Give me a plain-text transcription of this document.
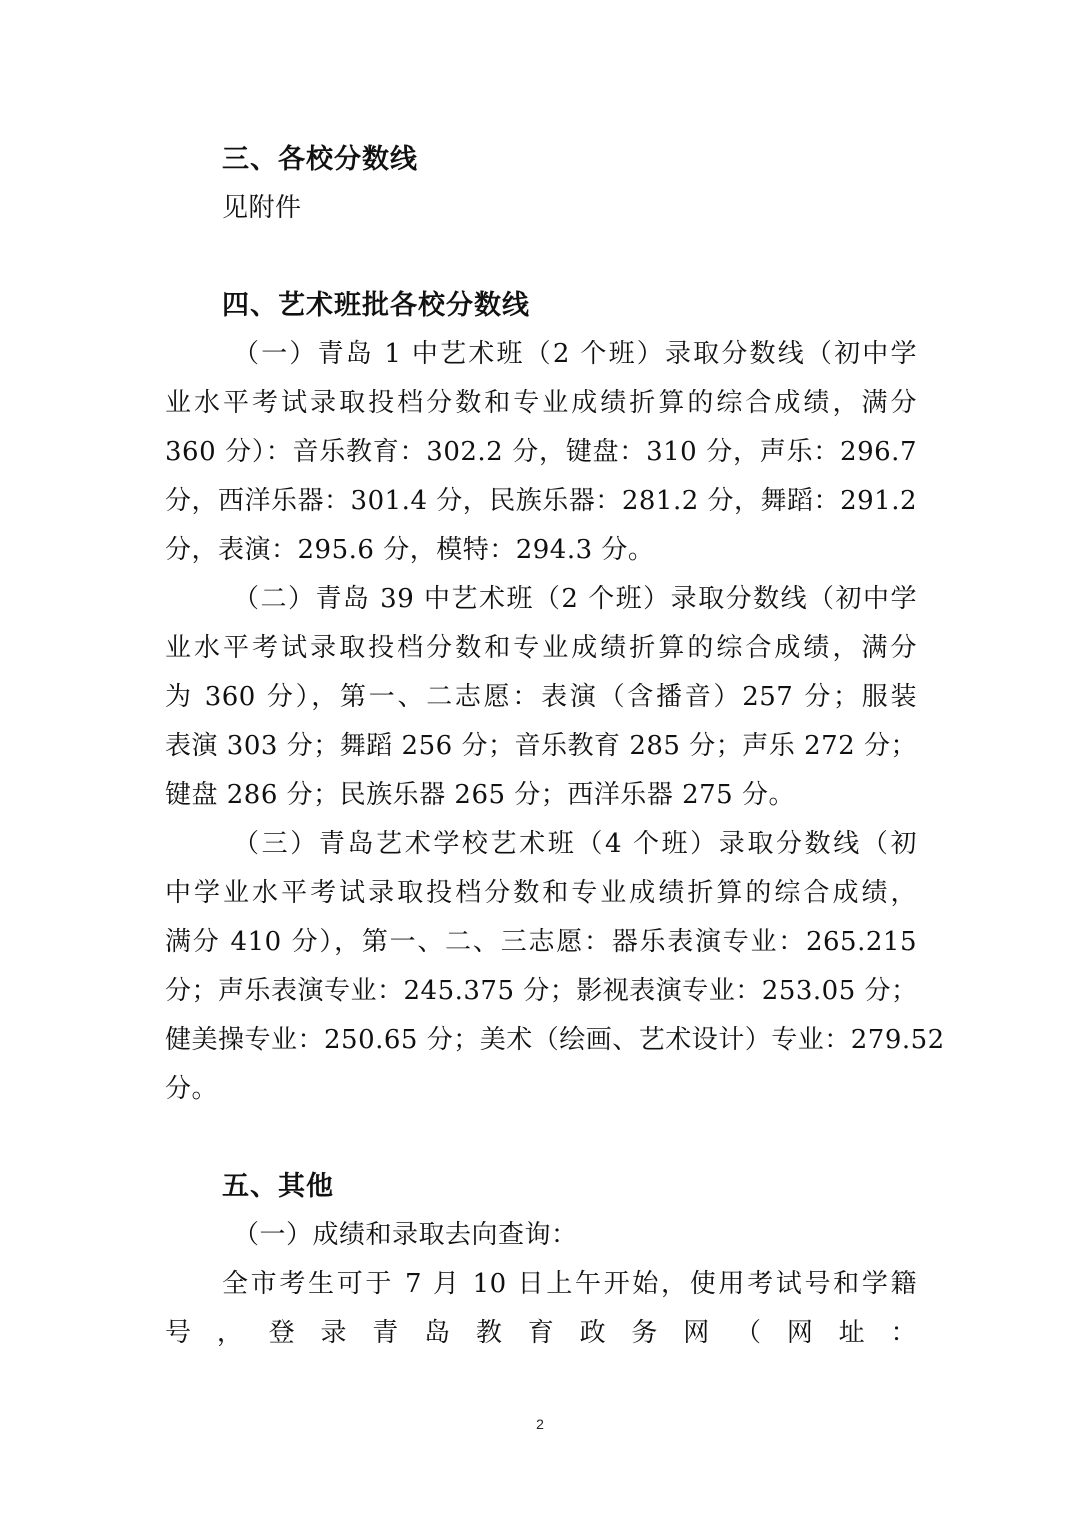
三、各校分数线
见附件
四、艺术班批各校分数线
（一）青岛 1 中艺术班（2 个班）录取分数线（初中学
业水平考试录取投档分数和专业成绩折算的综合成绩，满分
360 分）：音乐教育：302.2 分，键盘：310 分，声乐：296.7
分，西洋乐器：301.4 分，民族乐器：281.2 分，舞蹈：291.2
分，表演：295.6 分，模特：294.3 分。
（二）青岛 39 中艺术班（2 个班）录取分数线（初中学
业水平考试录取投档分数和专业成绩折算的综合成绩，满分
为 360 分），第一、二志愿：表演（含播音）257 分；服装
表演 303 分；舞蹈 256 分；音乐教育 285 分；声乐 272 分；
键盘 286 分；民族乐器 265 分；西洋乐器 275 分。
（三）青岛艺术学校艺术班（4 个班）录取分数线（初
中学业水平考试录取投档分数和专业成绩折算的综合成绩，
满分 410 分），第一、二、三志愿：器乐表演专业：265.215
分；声乐表演专业：245.375 分；影视表演专业：253.05 分；
健美操专业：250.65 分；美术（绘画、艺术设计）专业：279.52
分。
五、其他
（一）成绩和录取去向查询：
全市考生可于 7 月 10 日上午开始，使用考试号和学籍
号，登录青岛教育政务网（网址：
2
